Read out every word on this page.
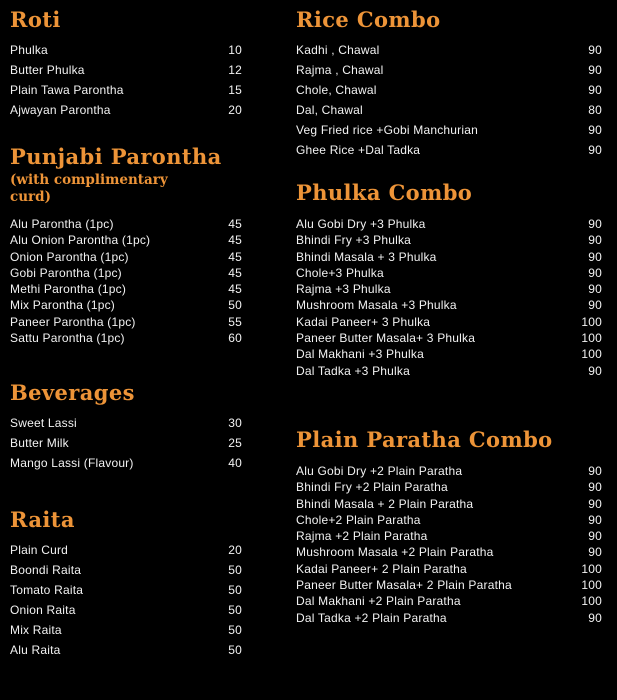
Roti
Phulka	10
Butter Phulka	12
Plain Tawa Parontha	15
Ajwayan Parontha	20
Punjabi Parontha

(with complimentary curd)

Alu Parontha (1pc)	45
Alu Onion Parontha (1pc)	45
Onion Parontha (1pc)	45
Gobi Parontha (1pc)	45
Methi Parontha (1pc)	45
Mix Parontha (1pc)	50
Paneer Parontha (1pc)	55
Sattu Parontha (1pc)	60
Beverages
Sweet Lassi	30
Butter Milk	25
Mango Lassi (Flavour)	40
Raita
Plain Curd	20
Boondi Raita	50
Tomato Raita	50
Onion Raita	50
Mix Raita	50
Alu Raita	50
Rice Combo
Kadhi , Chawal	90
Rajma , Chawal	90
Chole, Chawal	90
Dal, Chawal	80
Veg Fried rice +Gobi Manchurian	90
Ghee Rice +Dal Tadka	90
Phulka Combo
Alu Gobi Dry +3 Phulka	90
Bhindi Fry +3 Phulka	90
Bhindi Masala + 3 Phulka	90
Chole+3 Phulka	90
Rajma +3 Phulka	90
Mushroom Masala +3 Phulka	90
Kadai Paneer+ 3 Phulka	100
Paneer Butter Masala+ 3 Phulka	100
Dal Makhani +3 Phulka	100
Dal Tadka +3 Phulka	90
Plain Paratha Combo
Alu Gobi Dry +2 Plain Paratha	90
Bhindi Fry +2 Plain Paratha	90
Bhindi Masala + 2 Plain Paratha	90
Chole+2 Plain Paratha	90
Rajma +2 Plain Paratha	90
Mushroom Masala +2 Plain Paratha	90
Kadai Paneer+ 2 Plain Paratha	100
Paneer Butter Masala+ 2 Plain Paratha	100
Dal Makhani +2 Plain Paratha	100
Dal Tadka +2 Plain Paratha	90
